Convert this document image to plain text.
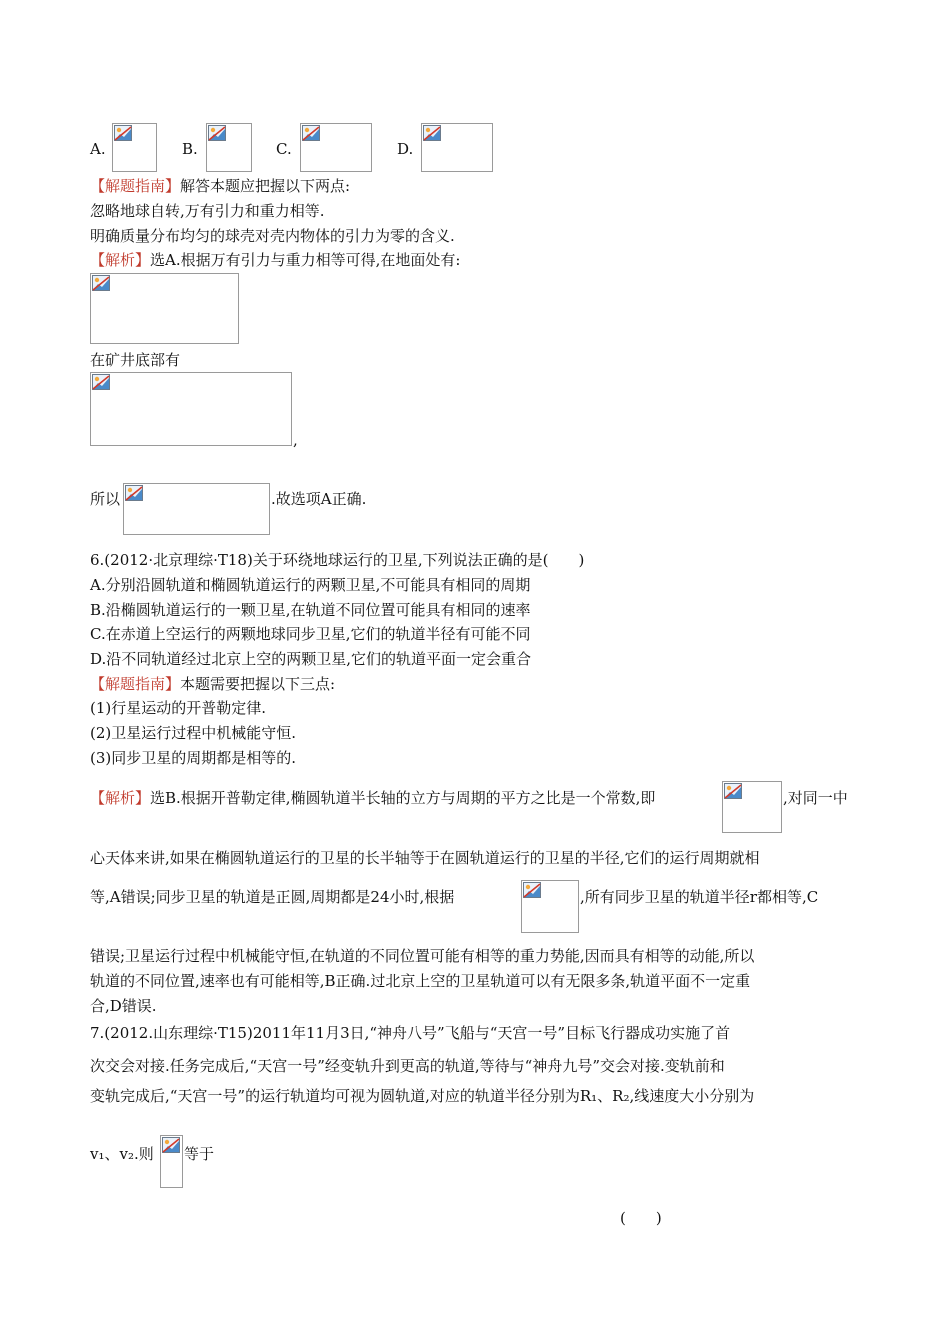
A.	B.	C.	D.
【解题指南】解答本题应把握以下两点:
忽略地球自转,万有引力和重力相等.
明确质量分布均匀的球壳对壳内物体的引力为零的含义.
【解析】选A.根据万有引力与重力相等可得,在地面处有:
在矿井底部有
,
所以	.故选项A正确.
6.(2012·北京理综·T18)关于环绕地球运行的卫星,下列说法正确的是(　　)
A.分别沿圆轨道和椭圆轨道运行的两颗卫星,不可能具有相同的周期
B.沿椭圆轨道运行的一颗卫星,在轨道不同位置可能具有相同的速率
C.在赤道上空运行的两颗地球同步卫星,它们的轨道半径有可能不同
D.沿不同轨道经过北京上空的两颗卫星,它们的轨道平面一定会重合
【解题指南】本题需要把握以下三点:
(1)行星运动的开普勒定律.
(2)卫星运行过程中机械能守恒.
(3)同步卫星的周期都是相等的.
【解析】选B.根据开普勒定律,椭圆轨道半长轴的立方与周期的平方之比是一个常数,即	,对同一中
心天体来讲,如果在椭圆轨道运行的卫星的长半轴等于在圆轨道运行的卫星的半径,它们的运行周期就相
等,A错误;同步卫星的轨道是正圆,周期都是24小时,根据	,所有同步卫星的轨道半径r都相等,C
错误;卫星运行过程中机械能守恒,在轨道的不同位置可能有相等的重力势能,因而具有相等的动能,所以
轨道的不同位置,速率也有可能相等,B正确.过北京上空的卫星轨道可以有无限多条,轨道平面不一定重
合,D错误.
7.(2012.山东理综·T15)2011年11月3日,“神舟八号”飞船与“天宫一号”目标飞行器成功实施了首
次交会对接.任务完成后,“天宫一号”经变轨升到更高的轨道,等待与“神舟九号”交会对接.变轨前和
变轨完成后,“天宫一号”的运行轨道均可视为圆轨道,对应的轨道半径分别为R₁、R₂,线速度大小分别为
v₁、v₂.则 等于
(　　)
